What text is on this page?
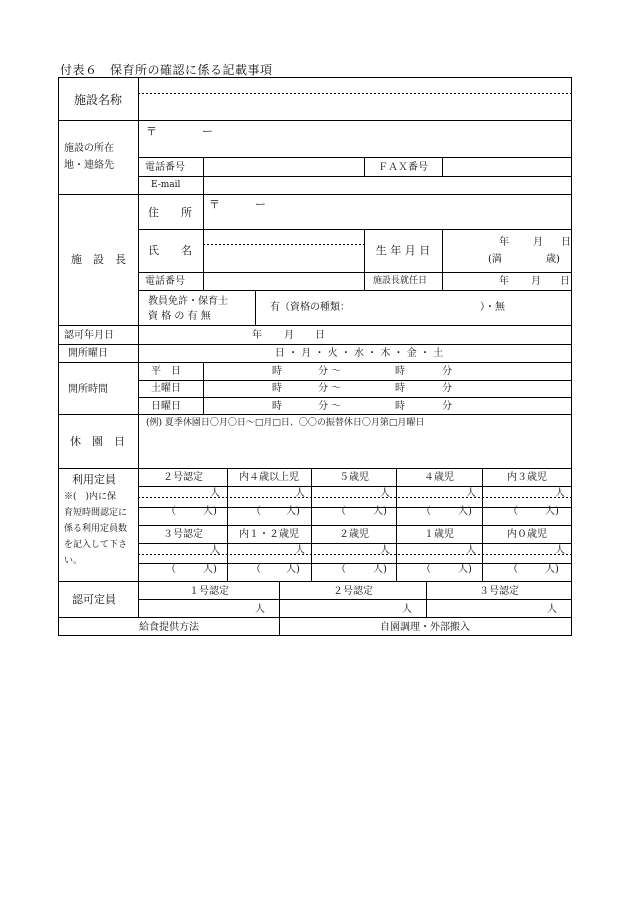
付表６　保育所の確認に係る記載事項
施設名称
施設の所在
地・連絡先
〒	ー
電話番号	ＦＡＸ番号
E-mail
施　設　長
住　　所
〒	ー
氏　　名	生 年 月 日
年 月 日
(満	歳)
電話番号	施設長就任日	年 月 日
教員免許・保育士
資 格 の 有 無
有（資格の種類：	）・無
認可年月日	年 月 日
開所曜日	日 ・ 月 ・ 火 ・ 水 ・ 木 ・ 金 ・ 土
開所時間
平　日	時	分 〜	時	分
土曜日	時	分 〜	時	分
日曜日	時	分 〜	時	分
休　園　日
(例) 夏季休園日〇月〇日〜□月□日、〇〇の振替休日〇月第□月曜日
利用定員
※(　)内に保
育短時間認定に
係る利用定員数
を記入して下さ
い。
２号認定	内４歳以上児	５歳児	４歳児	内３歳児
人	人	人	人	人
（	人)	（	人)	（	人)	（	人)	（	人)
３号認定	内１・２歳児	２歳児	１歳児	内０歳児
人	人	人	人	人
（	人)	（	人)	（	人)	（	人)	（	人)
認可定員
１号認定	２号認定	３号認定
人	人	人
給食提供方法	自園調理・外部搬入
